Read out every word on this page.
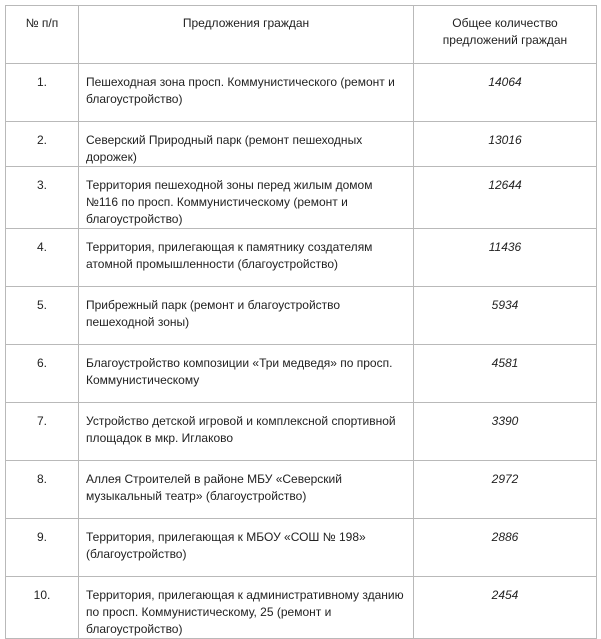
№ п/п	Предложения граждан	Общее количество предложений граждан

1.	Пешеходная зона просп. Коммунистического (ремонт и благоустройство)	14064

2.	Северский Природный парк (ремонт пешеходных дорожек)	13016

3.	Территория пешеходной зоны перед жилым домом №116 по просп. Коммунистическому (ремонт и благоустройство)	12644

4.	Территория, прилегающая к памятнику создателям атомной промышленности (благоустройство)	11436

5.	Прибрежный парк (ремонт и благоустройство пешеходной зоны)	5934

6.	Благоустройство композиции «Три медведя» по просп. Коммунистическому	4581

7.	Устройство детской игровой и комплексной спортивной площадок в мкр. Иглаково	3390

8.	Аллея Строителей в районе МБУ «Северский музыкальный театр» (благоустройство)	2972

9.	Территория, прилегающая к МБОУ «СОШ № 198» (благоустройство)	2886

10.	Территория, прилегающая к административному зданию по просп. Коммунистическому, 25 (ремонт и благоустройство)	2454
